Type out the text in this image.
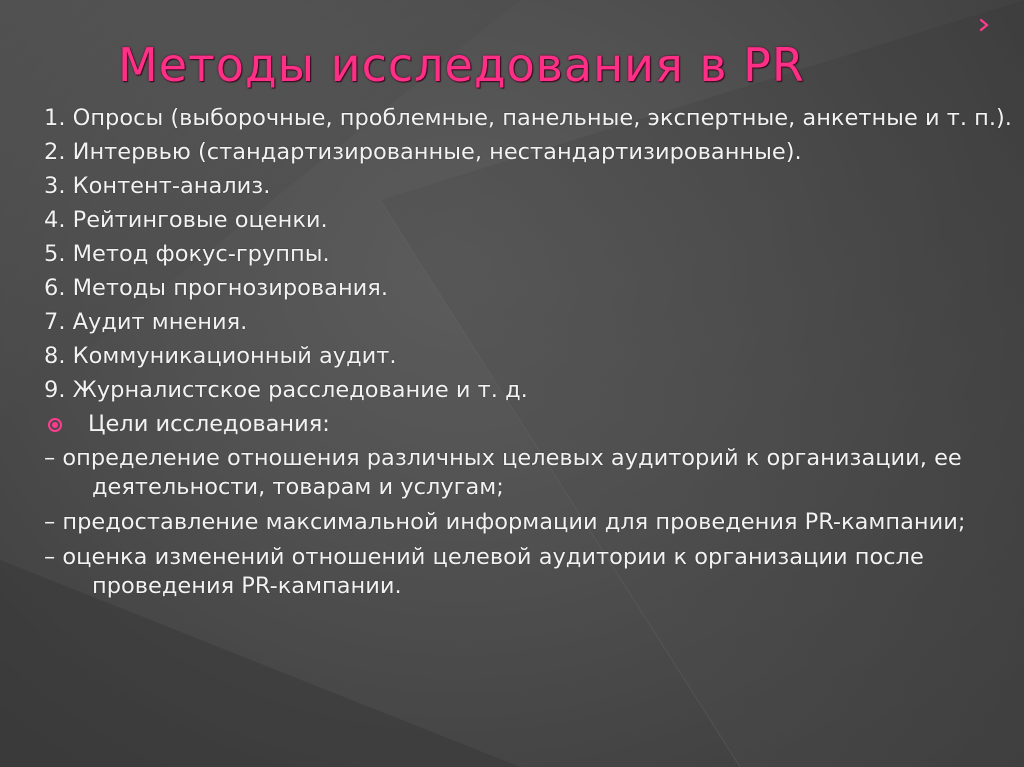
Методы исследования в PR
1. Опросы (выборочные, проблемные, панельные, экспертные, анкетные и т. п.).
2. Интервью (стандартизированные, нестандартизированные).
3. Контент-анализ.
4. Рейтинговые оценки.
5. Метод фокус-группы.
6. Методы прогнозирования.
7. Аудит мнения.
8. Коммуникационный аудит.
9. Журналистское расследование и т. д.
Цели исследования:
– определение отношения различных целевых аудиторий к организации, ее деятельности, товарам и услугам;
– предоставление максимальной информации для проведения PR-кампании;
– оценка изменений отношений целевой аудитории к организации после проведения PR-кампании.
